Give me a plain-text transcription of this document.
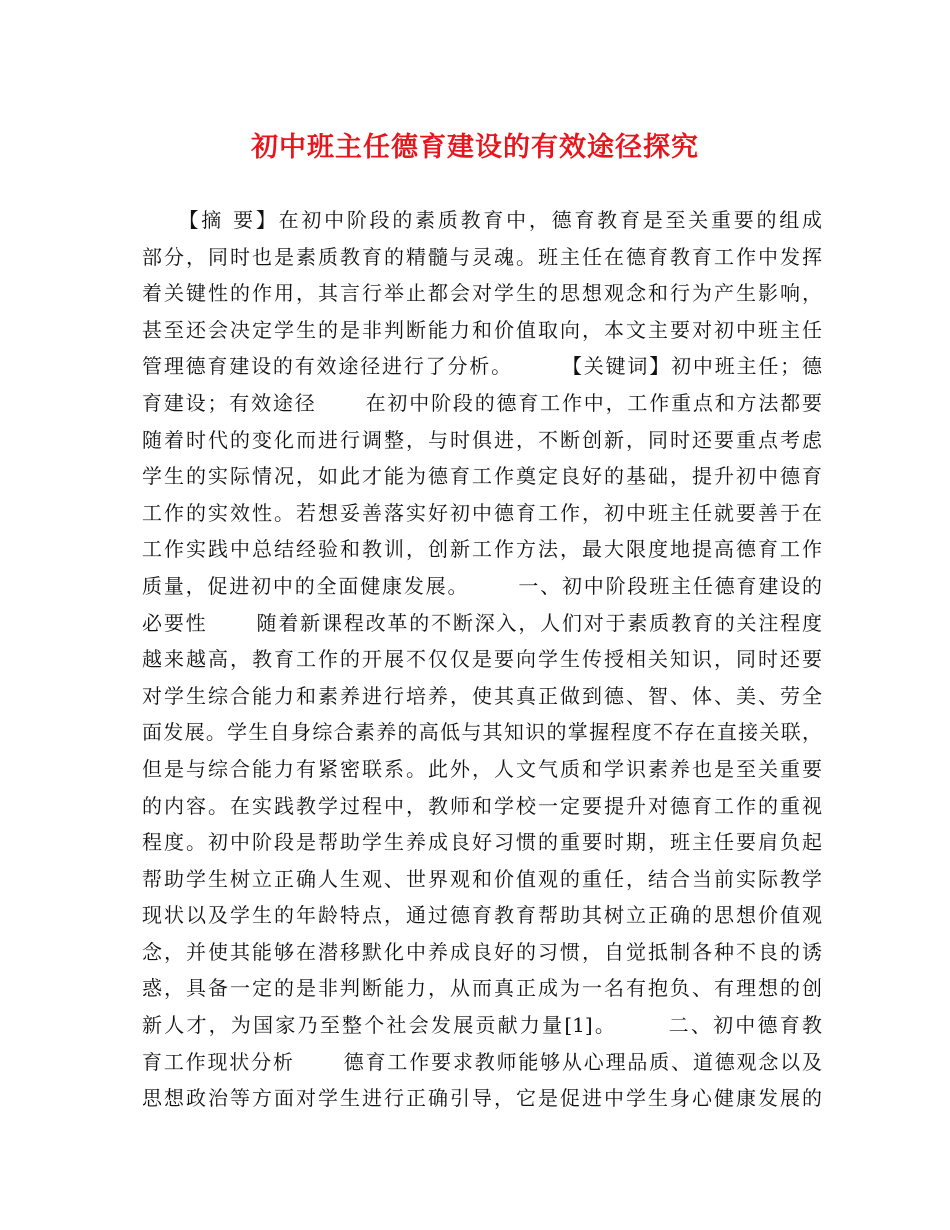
初中班主任德育建设的有效途径探究
【摘 要】在初中阶段的素质教育中，德育教育是至关重要的组成
部分，同时也是素质教育的精髓与灵魂。班主任在德育教育工作中发挥
着关键性的作用，其言行举止都会对学生的思想观念和行为产生影响，
甚至还会决定学生的是非判断能力和价值取向，本文主要对初中班主任
管理德育建设的有效途径进行了分析。      【关键词】初中班主任；德
育建设；有效途径      在初中阶段的德育工作中，工作重点和方法都要
随着时代的变化而进行调整，与时俱进，不断创新，同时还要重点考虑
学生的实际情况，如此才能为德育工作奠定良好的基础，提升初中德育
工作的实效性。若想妥善落实好初中德育工作，初中班主任就要善于在
工作实践中总结经验和教训，创新工作方法，最大限度地提高德育工作
质量，促进初中的全面健康发展。      一、初中阶段班主任德育建设的
必要性      随着新课程改革的不断深入，人们对于素质教育的关注程度
越来越高，教育工作的开展不仅仅是要向学生传授相关知识，同时还要
对学生综合能力和素养进行培养，使其真正做到德、智、体、美、劳全
面发展。学生自身综合素养的高低与其知识的掌握程度不存在直接关联，
但是与综合能力有紧密联系。此外，人文气质和学识素养也是至关重要
的内容。在实践教学过程中，教师和学校一定要提升对德育工作的重视
程度。初中阶段是帮助学生养成良好习惯的重要时期，班主任要肩负起
帮助学生树立正确人生观、世界观和价值观的重任，结合当前实际教学
现状以及学生的年龄特点，通过德育教育帮助其树立正确的思想价值观
念，并使其能够在潜移默化中养成良好的习惯，自觉抵制各种不良的诱
惑，具备一定的是非判断能力，从而真正成为一名有抱负、有理想的创
新人才，为国家乃至整个社会发展贡献力量[1]。      二、初中德育教
育工作现状分析      德育工作要求教师能够从心理品质、道德观念以及
思想政治等方面对学生进行正确引导，它是促进中学生身心健康发展的
